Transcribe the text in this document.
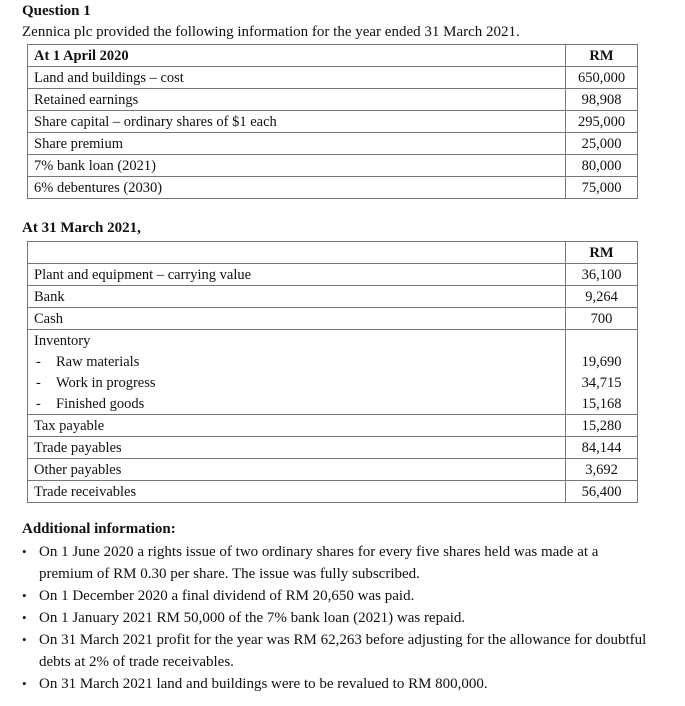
Question 1
Zennica plc provided the following information for the year ended 31 March 2021.
At 1 April 2020	RM
Land and buildings – cost	650,000
Retained earnings	98,908
Share capital – ordinary shares of $1 each	295,000
Share premium	25,000
7% bank loan (2021)	80,000
6% debentures (2030)	75,000
At 31 March 2021,
	RM
Plant and equipment – carrying value	36,100
Bank	9,264
Cash	700
Inventory	
- Raw materials	19,690
- Work in progress	34,715
- Finished goods	15,168
Tax payable	15,280
Trade payables	84,144
Other payables	3,692
Trade receivables	56,400
Additional information:
• On 1 June 2020 a rights issue of two ordinary shares for every five shares held was made at a premium of RM 0.30 per share. The issue was fully subscribed.
• On 1 December 2020 a final dividend of RM 20,650 was paid.
• On 1 January 2021 RM 50,000 of the 7% bank loan (2021) was repaid.
• On 31 March 2021 profit for the year was RM 62,263 before adjusting for the allowance for doubtful debts at 2% of trade receivables.
• On 31 March 2021 land and buildings were to be revalued to RM 800,000.
